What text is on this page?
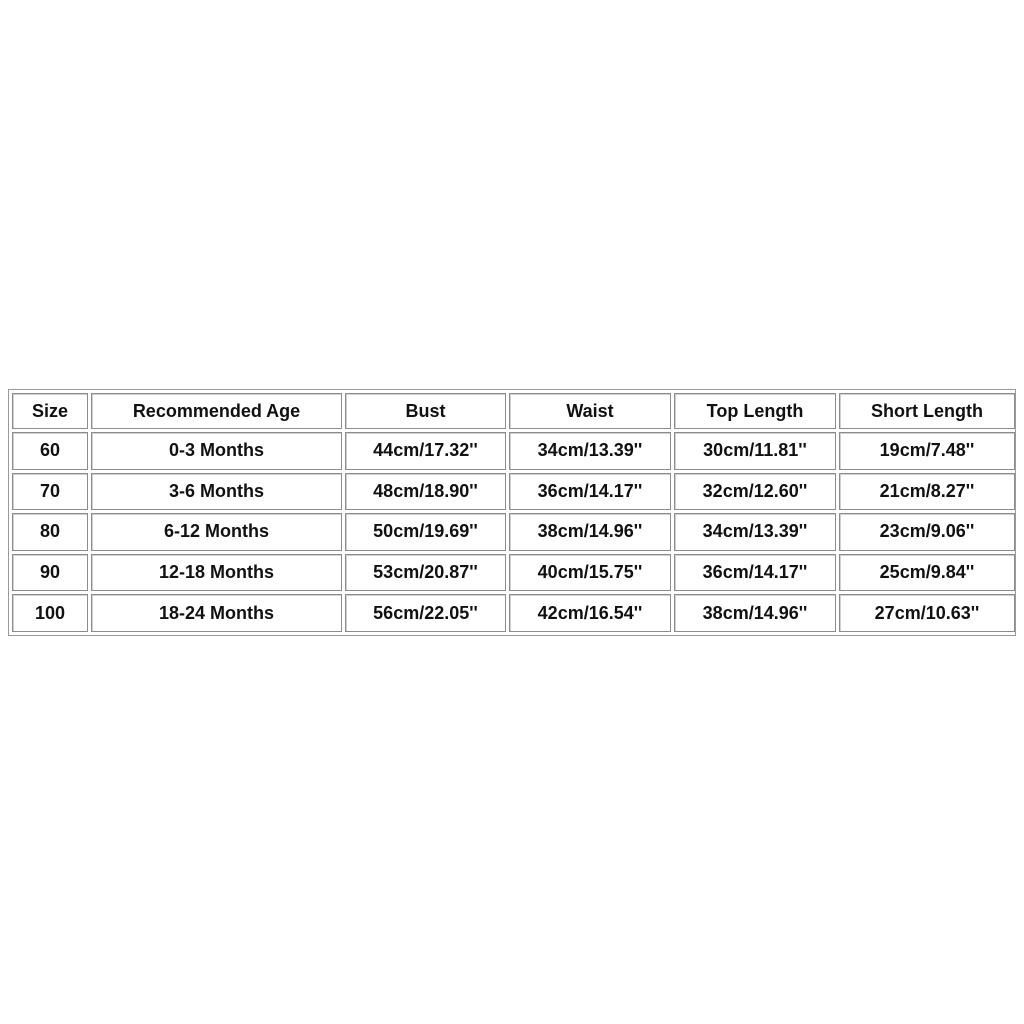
Size	Recommended Age	Bust	Waist	Top Length	Short Length
60	0-3 Months	44cm/17.32''	34cm/13.39''	30cm/11.81''	19cm/7.48''
70	3-6 Months	48cm/18.90''	36cm/14.17''	32cm/12.60''	21cm/8.27''
80	6-12 Months	50cm/19.69''	38cm/14.96''	34cm/13.39''	23cm/9.06''
90	12-18 Months	53cm/20.87''	40cm/15.75''	36cm/14.17''	25cm/9.84''
100	18-24 Months	56cm/22.05''	42cm/16.54''	38cm/14.96''	27cm/10.63''
